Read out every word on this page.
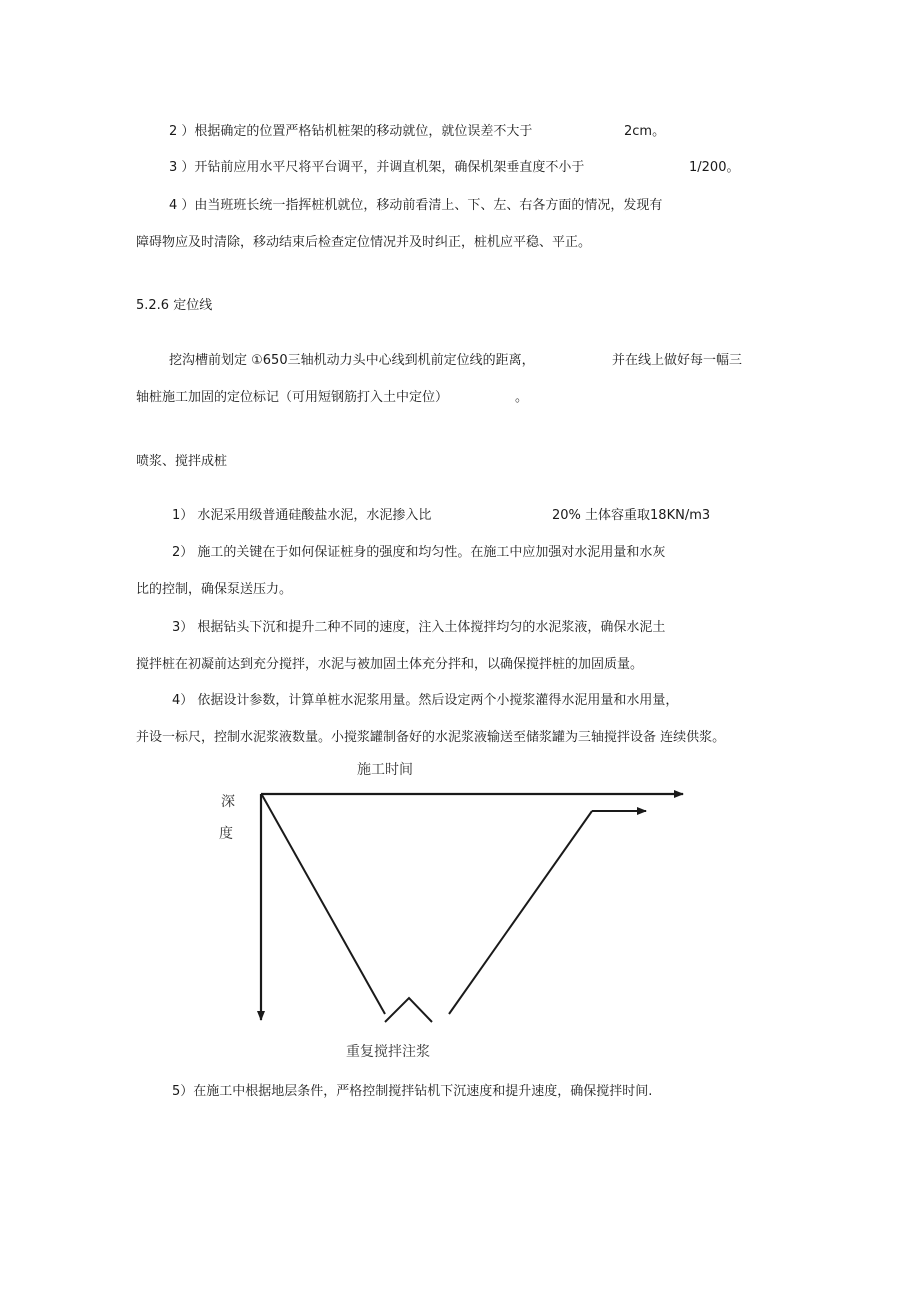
2 ）根据确定的位置严格钻机桩架的移动就位，就位误差不大于	2cm。
3 ）开钻前应用水平尺将平台调平，并调直机架，确保机架垂直度不小于	1/200。
4 ）由当班班长统一指挥桩机就位，移动前看清上、下、左、右各方面的情况，发现有
障碍物应及时清除，移动结束后检查定位情况并及时纠正，桩机应平稳、平正。
5.2.6 定位线
挖沟槽前划定 ①650三轴机动力头中心线到机前定位线的距离，	并在线上做好每一幅三
轴桩施工加固的定位标记（可用短钢筋打入土中定位）	。
喷浆、搅拌成桩
1） 水泥采用级普通硅酸盐水泥，水泥掺入比	20% 土体容重取18KN/m3
2） 施工的关键在于如何保证桩身的强度和均匀性。在施工中应加强对水泥用量和水灰
比的控制，确保泵送压力。
3） 根据钻头下沉和提升二种不同的速度，注入土体搅拌均匀的水泥浆液，确保水泥土
搅拌桩在初凝前达到充分搅拌，水泥与被加固土体充分拌和，以确保搅拌桩的加固质量。
4） 依据设计参数，计算单桩水泥浆用量。然后设定两个小搅浆灌得水泥用量和水用量，
并设一标尺，控制水泥浆液数量。小搅浆罐制备好的水泥浆液输送至储浆罐为三轴搅拌设备 连续供浆。
施工时间
深
度
重复搅拌注浆
5）在施工中根据地层条件，严格控制搅拌钻机下沉速度和提升速度，确保搅拌时间.
